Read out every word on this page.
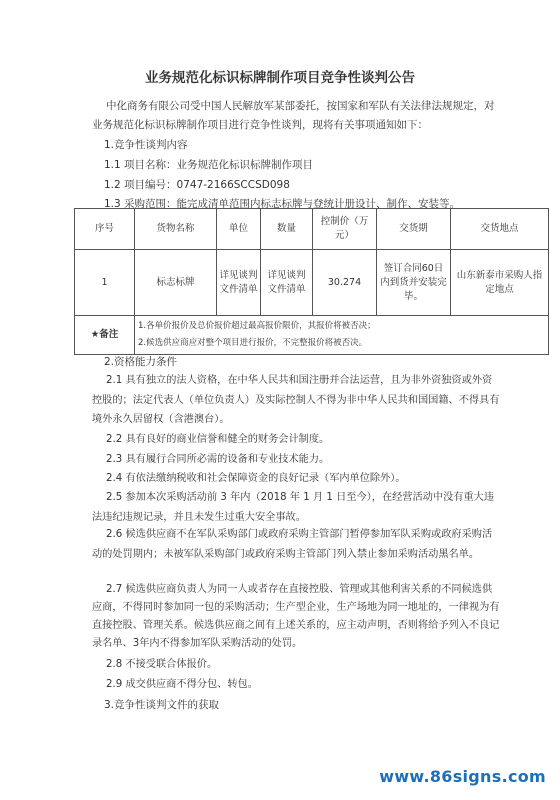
业务规范化标识标牌制作项目竞争性谈判公告
中化商务有限公司受中国人民解放军某部委托，按国家和军队有关法律法规规定，对业务规范化标识标牌制作项目进行竞争性谈判，现将有关事项通知如下：
1.竞争性谈判内容
1.1 项目名称：业务规范化标识标牌制作项目
1.2 项目编号：0747-2166SCCSD098
1.3 采购范围：能完成清单范围内标志标牌与登统计册设计、制作、安装等。
序号	货物名称	单位	数量	控制价（万元）	交货期	交货地点
1	标志标牌	详见谈判文件清单	详见谈判文件清单	30.274	签订合同60日内到货并安装完毕。	山东新泰市采购人指定地点
★备注	1.各单价报价及总价报价超过最高报价限价，其报价将被否决；
2.候选供应商应对整个项目进行报价，不完整报价将被否决。					
2.资格能力条件
2.1 具有独立的法人资格，在中华人民共和国注册并合法运营，且为非外资独资或外资控股的；法定代表人（单位负责人）及实际控制人不得为非中华人民共和国国籍、不得具有境外永久居留权（含港澳台）。
2.2 具有良好的商业信誉和健全的财务会计制度。
2.3 具有履行合同所必需的设备和专业技术能力。
2.4 有依法缴纳税收和社会保障资金的良好记录（军内单位除外）。
2.5 参加本次采购活动前 3 年内（2018 年 1 月 1 日至今），在经营活动中没有重大违法违纪违规记录，并且未发生过重大安全事故。
2.6 候选供应商不在军队采购部门或政府采购主管部门暂停参加军队采购或政府采购活动的处罚期内；未被军队采购部门或政府采购主管部门列入禁止参加采购活动黑名单。
2.7 候选供应商负责人为同一人或者存在直接控股、管理或其他利害关系的不同候选供应商，不得同时参加同一包的采购活动；生产型企业，生产场地为同一地址的，一律视为有直接控股、管理关系。候选供应商之间有上述关系的，应主动声明，否则将给予列入不良记录名单、3年内不得参加军队采购活动的处罚。
2.8 不接受联合体报价。
2.9 成交供应商不得分包、转包。
3.竞争性谈判文件的获取
www.86signs.com
